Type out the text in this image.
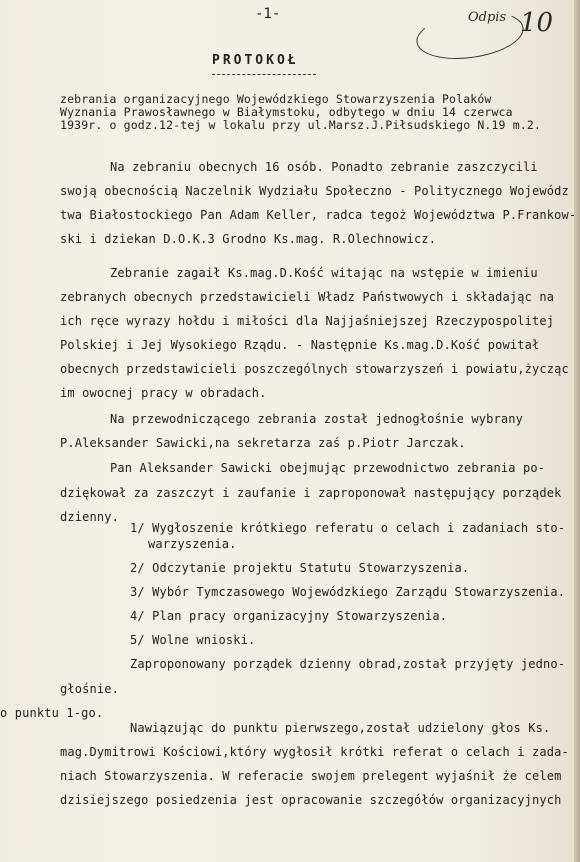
-1-	Odpis 10
PROTOKOŁ
zebrania organizacyjnego Wojewódzkiego Stowarzyszenia Polaków
Wyznania Prawosławnego w Białymstoku, odbytego w dniu 14 czerwca
1939r. o godz.12-tej w lokalu przy ul.Marsz.J.Piłsudskiego N.19 m.2.
Na zebraniu obecnych 16 osób. Ponadto zebranie zaszczycili
swoją obecnością Naczelnik Wydziału Społeczno - Politycznego Wojewódz
twa Białostockiego Pan Adam Keller, radca tegoż Województwa P.Frankow-
ski i dziekan D.O.K.3 Grodno Ks.mag. R.Olechnowicz.
Zebranie zagaił Ks.mag.D.Kość witając na wstępie w imieniu
zebranych obecnych przedstawicieli Władz Państwowych i składając na
ich ręce wyrazy hołdu i miłości dla Najjaśniejszej Rzeczypospolitej
Polskiej i Jej Wysokiego Rządu. - Następnie Ks.mag.D.Kość powitał
obecnych przedstawicieli poszczególnych stowarzyszeń i powiatu,życząc
im owocnej pracy w obradach.
Na przewodniczącego zebrania został jednogłośnie wybrany
P.Aleksander Sawicki,na sekretarza zaś p.Piotr Jarczak.
Pan Aleksander Sawicki obejmując przewodnictwo zebrania po-
dziękował za zaszczyt i zaufanie i zaproponował następujący porządek
dzienny.
1/ Wygłoszenie krótkiego referatu o celach i zadaniach sto-
warzyszenia.
2/ Odczytanie projektu Statutu Stowarzyszenia.
3/ Wybór Tymczasowego Wojewódzkiego Zarządu Stowarzyszenia.
4/ Plan pracy organizacyjny Stowarzyszenia.
5/ Wolne wnioski.
Zaproponowany porządek dzienny obrad,został przyjęty jedno-
głośnie.
o punktu 1-go.
Nawiązując do punktu pierwszego,został udzielony głos Ks.
mag.Dymitrowi Kościowi,który wygłosił krótki referat o celach i zada-
niach Stowarzyszenia. W referacie swojem prelegent wyjaśnił że celem
dzisiejszego posiedzenia jest opracowanie szczegółów organizacyjnych
